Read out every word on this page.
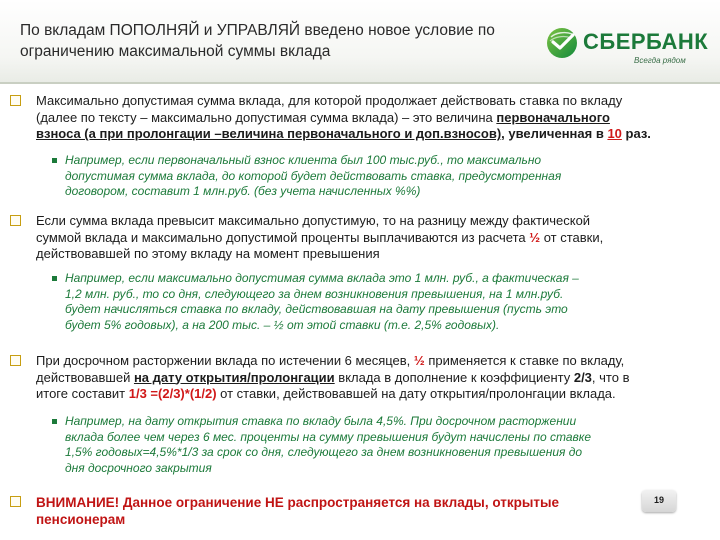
По вкладам ПОПОЛНЯЙ и УПРАВЛЯЙ введено новое условие по
ограничению максимальной суммы вклада	СБЕРБАНК
Всегда рядом
Максимально допустимая сумма вклада, для которой продолжает действовать ставка по вкладу
(далее по тексту – максимально допустимая сумма вклада) – это величина первоначального
взноса (а при пролонгации –величина первоначального и доп.взносов), увеличенная в 10 раз.
Например, если первоначальный взнос клиента был 100 тыс.руб., то максимально
допустимая сумма вклада, до которой будет действовать ставка, предусмотренная
договором, составит 1 млн.руб. (без учета начисленных %%)
Если сумма вклада превысит максимально допустимую, то на разницу между фактической
суммой вклада и максимально допустимой проценты выплачиваются из расчета ½ от ставки,
действовавшей по этому вкладу на момент превышения
Например, если максимально допустимая сумма вклада это 1 млн. руб., а фактическая –
1,2 млн. руб., то со дня, следующего за днем возникновения превышения, на 1 млн.руб.
будет начисляться ставка по вкладу, действовавшая на дату превышения (пусть это
будет 5% годовых), а на 200 тыс. – ½ от этой ставки (т.е. 2,5% годовых).
При досрочном расторжении вклада по истечении 6 месяцев, ½ применяется к ставке по вкладу,
действовавшей на дату открытия/пролонгации вклада в дополнение к коэффициенту 2/3, что в
итоге составит 1/3 =(2/3)*(1/2) от ставки, действовавшей на дату открытия/пролонгации вклада.
Например, на дату открытия ставка по вкладу была 4,5%. При досрочном расторжении
вклада более чем через 6 мес. проценты на сумму превышения будут начислены по ставке
1,5% годовых=4,5%*1/3 за срок со дня, следующего за днем возникновения превышения до
дня досрочного закрытия
ВНИМАНИЕ! Данное ограничение НЕ распространяется на вклады, открытые
пенсионерам
19
